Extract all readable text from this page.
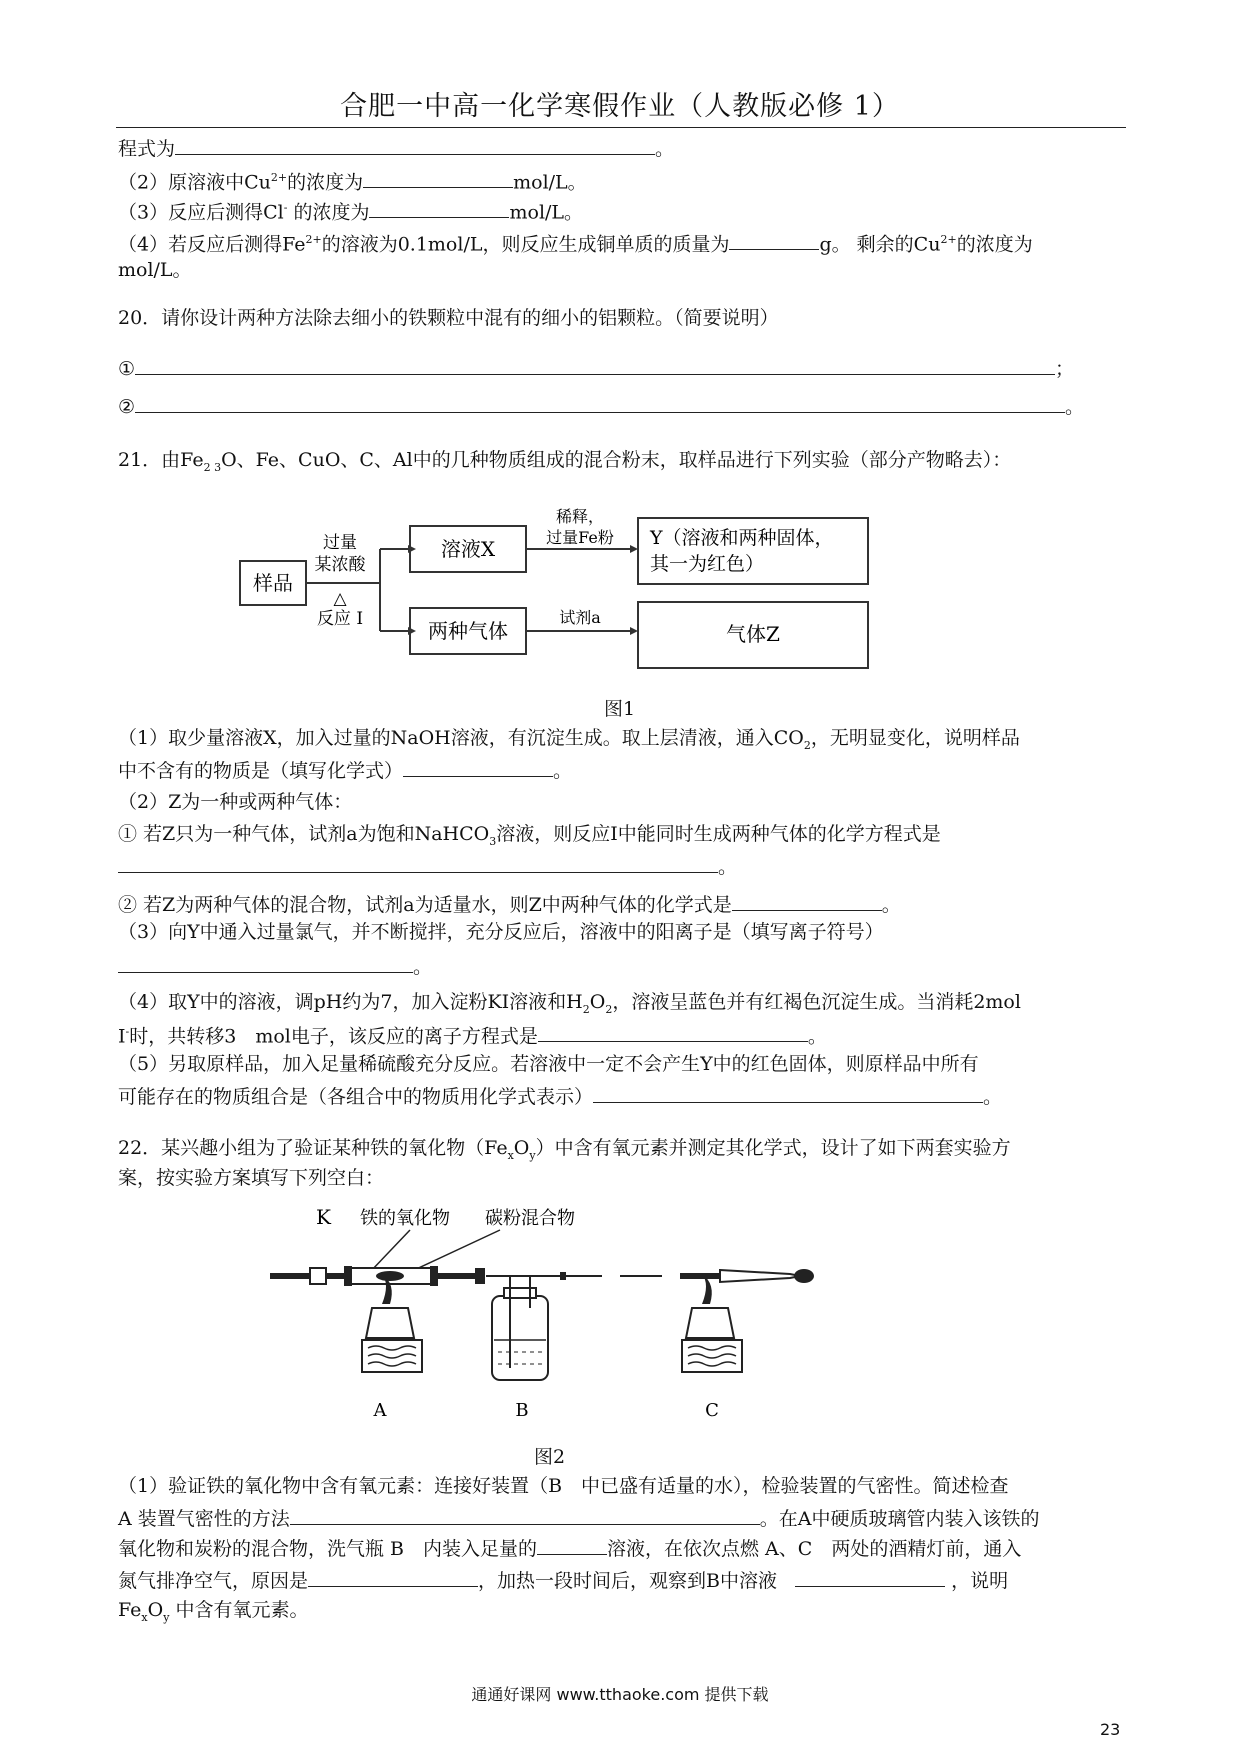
合肥一中高一化学寒假作业（人教版必修 1）
程式为	。
（2）原溶液中$Cu^{2+}$的浓度为	mol/L。
（3）反应后测得Cl- 的浓度为	mol/L。
（4）若反应后测得$Fe^{2+}$的溶液为0.1mol/L，则反应生成铜单质的质量为	g。 剩余的$Cu^{2+}$的浓度为
mol/L。
20．请你设计两种方法除去细小的铁颗粒中混有的细小的铝颗粒。（简要说明）
①	；
②	。
21．由$Fe_{2 3}O$、Fe、CuO、C、Al中的几种物质组成的混合粉末，取样品进行下列实验（部分产物略去）：
样品
过量
某浓酸
△
反应 I
溶液X
稀释，
过量Fe粉 Y（溶液和两种固体，
其一为红色）
两种气体
试剂a
气体Z
图1
（1）取少量溶液X，加入过量的NaOH溶液，有沉淀生成。取上层清液，通入$CO_2$，无明显变化，说明样品
中不含有的物质是（填写化学式）	。
（2）Z为一种或两种气体：
① 若Z只为一种气体，试剂a为饱和NaHCO$_3$溶液，则反应I中能同时生成两种气体的化学方程式是
。
② 若Z为两种气体的混合物，试剂a为适量水，则Z中两种气体的化学式是	。
（3）向Y中通入过量氯气，并不断搅拌，充分反应后，溶液中的阳离子是（填写离子符号）
。
（4）取Y中的溶液，调pH约为7，加入淀粉KI溶液和$H_2O_2$，溶液呈蓝色并有红褐色沉淀生成。当消耗2mol
I-时，共转移3　mol电子，该反应的离子方程式是	。
（5）另取原样品，加入足量稀硫酸充分反应。若溶液中一定不会产生Y中的红色固体，则原样品中所有
可能存在的物质组合是（各组合中的物质用化学式表示）	。
22．某兴趣小组为了验证某种铁的氧化物$(Fe_xO_y)$中含有氧元素并测定其化学式，设计了如下两套实验方
案，按实验方案填写下列空白：
K 铁的氧化物 碳粉混合物
A	B	C
图2
（1）验证铁的氧化物中含有氧元素：连接好装置（B　中已盛有适量的水），检验装置的气密性。简述检查
A 装置气密性的方法	。在A中硬质玻璃管内装入该铁的
氧化物和炭粉的混合物，洗气瓶 B　内装入足量的	溶液，在依次点燃 A、C　两处的酒精灯前，通入
氮气排净空气，原因是	，加热一段时间后，观察到B中溶液	，说明
$Fe_xO_y$ 中含有氧元素。
通通好课网 www.tthaoke.com 提供下载
23
